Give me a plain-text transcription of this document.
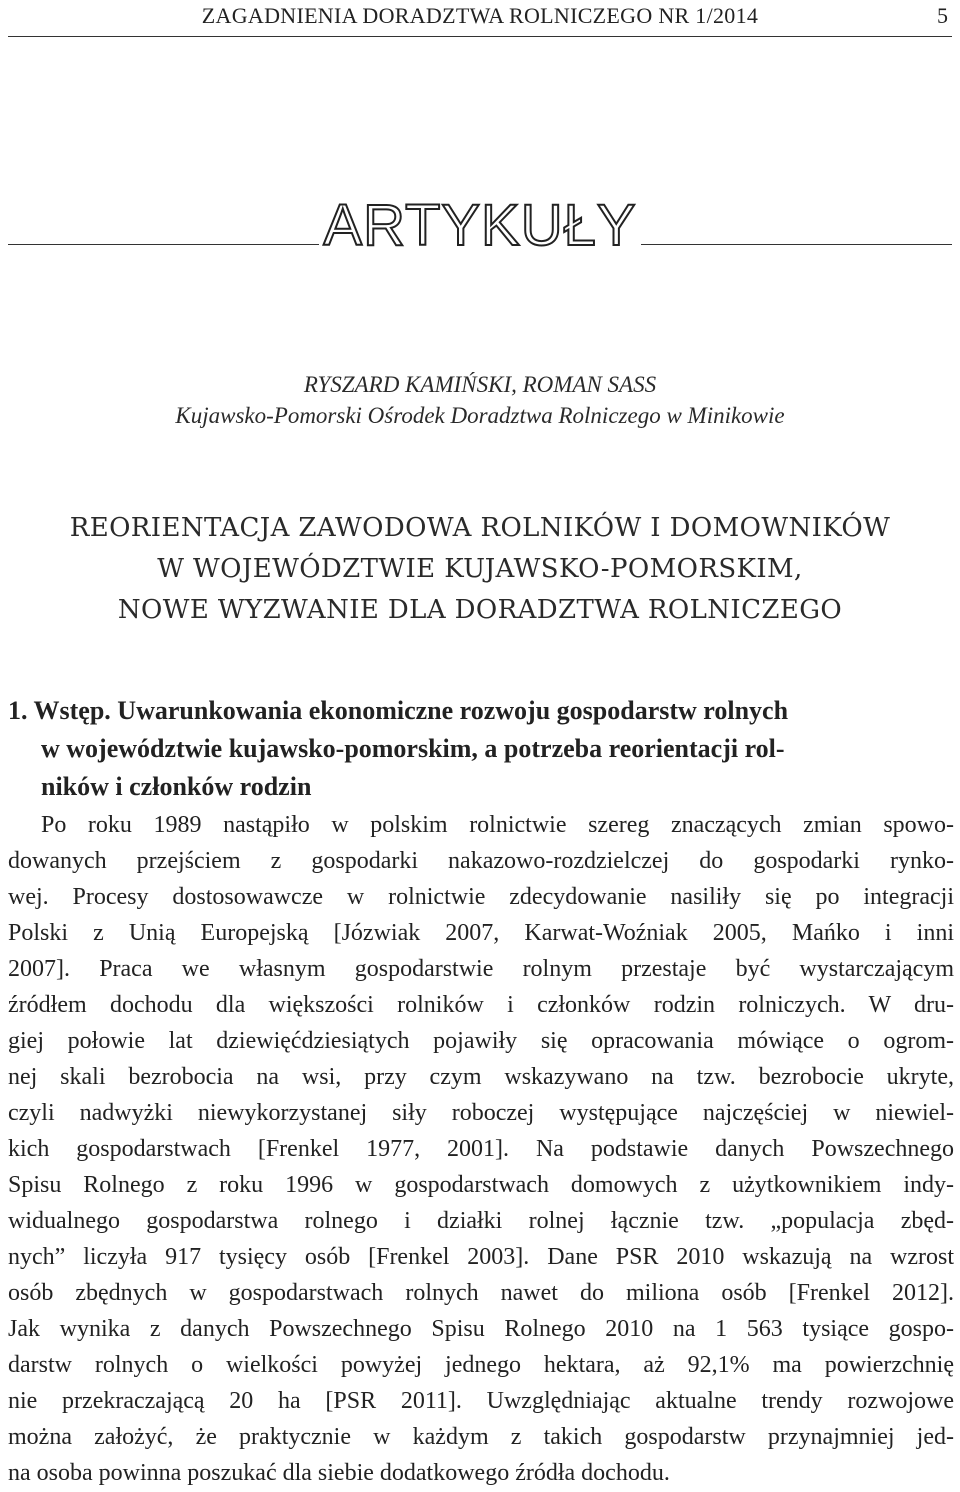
ZAGADNIENIA DORADZTWA ROLNICZEGO NR 1/2014	5
ARTYKUŁY
RYSZARD KAMIŃSKI, ROMAN SASS
Kujawsko-Pomorski Ośrodek Doradztwa Rolniczego w Minikowie
REORIENTACJA ZAWODOWA ROLNIKÓW I DOMOWNIKÓW
W WOJEWÓDZTWIE KUJAWSKO-POMORSKIM,
NOWE WYZWANIE DLA DORADZTWA ROLNICZEGO
1. Wstęp. Uwarunkowania ekonomiczne rozwoju gospodarstw rolnych
w województwie kujawsko-pomorskim, a potrzeba reorientacji rol-
ników i członków rodzin
Po roku 1989 nastąpiło w polskim rolnictwie szereg znaczących zmian spowo-
dowanych przejściem z gospodarki nakazowo-rozdzielczej do gospodarki rynko-
wej. Procesy dostosowawcze w rolnictwie zdecydowanie nasiliły się po integracji
Polski z Unią Europejską [Józwiak 2007, Karwat-Woźniak 2005, Mańko i inni
2007]. Praca we własnym gospodarstwie rolnym przestaje być wystarczającym
źródłem dochodu dla większości rolników i członków rodzin rolniczych. W dru-
giej połowie lat dziewięćdziesiątych pojawiły się opracowania mówiące o ogrom-
nej skali bezrobocia na wsi, przy czym wskazywano na tzw. bezrobocie ukryte,
czyli nadwyżki niewykorzystanej siły roboczej występujące najczęściej w niewiel-
kich gospodarstwach [Frenkel 1977, 2001]. Na podstawie danych Powszechnego
Spisu Rolnego z roku 1996 w gospodarstwach domowych z użytkownikiem indy-
widualnego gospodarstwa rolnego i działki rolnej łącznie tzw. „populacja zbęd-
nych” liczyła 917 tysięcy osób [Frenkel 2003]. Dane PSR 2010 wskazują na wzrost
osób zbędnych w gospodarstwach rolnych nawet do miliona osób [Frenkel 2012].
Jak wynika z danych Powszechnego Spisu Rolnego 2010 na 1 563 tysiące gospo-
darstw rolnych o wielkości powyżej jednego hektara, aż 92,1% ma powierzchnię
nie przekraczającą 20 ha [PSR 2011]. Uwzględniając aktualne trendy rozwojowe
można założyć, że praktycznie w każdym z takich gospodarstw przynajmniej jed-
na osoba powinna poszukać dla siebie dodatkowego źródła dochodu.
